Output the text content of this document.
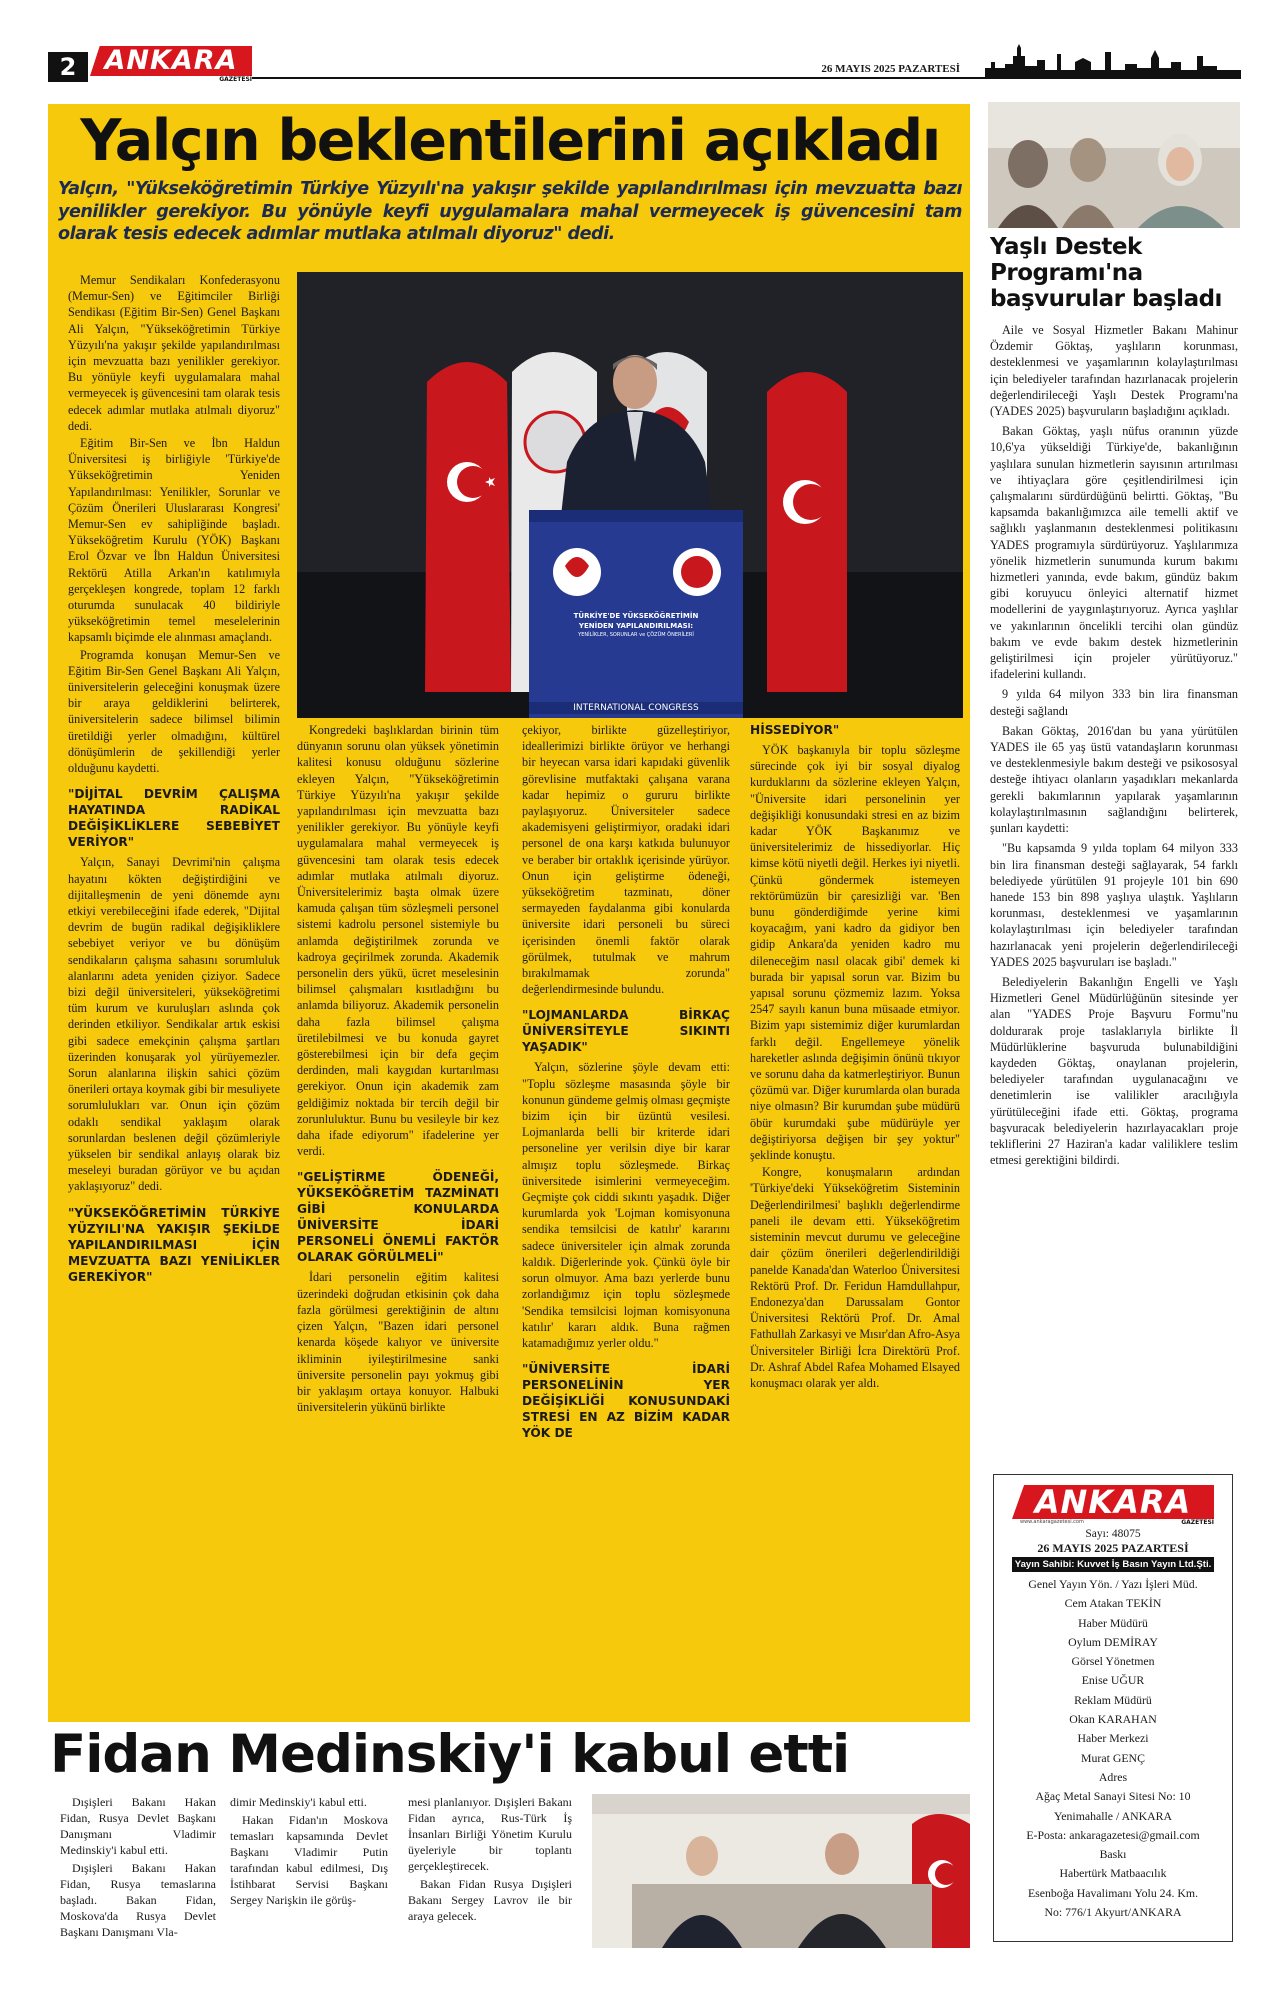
2	ANKARA
GAZETESİ
26 MAYIS 2025 PAZARTESİ
Yalçın beklentilerini açıkladı
Yalçın, "Yükseköğretimin Türkiye Yüzyılı'na yakışır şekilde yapılandırılması için mevzuatta bazı yenilikler gerekiyor. Bu yönüyle keyfi uygulamalara mahal vermeyecek iş güvencesini tam olarak tesis edecek adımlar mutlaka atılmalı diyoruz" dedi.
TÜRKİYE'DE YÜKSEKÖĞRETİMİN
YENİDEN YAPILANDIRILMASI:
YENİLİKLER, SORUNLAR ve ÇÖZÜM ÖNERİLERİ
INTERNATIONAL CONGRESS

Memur Sendikaları Konfederasyonu (Memur-Sen) ve Eğitimciler Birliği Sendikası (Eğitim Bir-Sen) Genel Başkanı Ali Yalçın, "Yükseköğretimin Türkiye Yüzyılı'na yakışır şekilde yapılandırılması için mevzuatta bazı yenilikler gerekiyor. Bu yönüyle keyfi uygulamalara mahal vermeyecek iş güvencesini tam olarak tesis edecek adımlar mutlaka atılmalı diyoruz" dedi.

Eğitim Bir-Sen ve İbn Haldun Üniversitesi iş birliğiyle 'Türkiye'de Yükseköğretimin Yeniden Yapılandırılması: Yenilikler, Sorunlar ve Çözüm Önerileri Uluslararası Kongresi' Memur-Sen ev sahipliğinde başladı. Yükseköğretim Kurulu (YÖK) Başkanı Erol Özvar ve İbn Haldun Üniversitesi Rektörü Atilla Arkan'ın katılımıyla gerçekleşen kongrede, toplam 12 farklı oturumda sunulacak 40 bildiriyle yükseköğretimin temel meselelerinin kapsamlı biçimde ele alınması amaçlandı.

Programda konuşan Memur-Sen ve Eğitim Bir-Sen Genel Başkanı Ali Yalçın, üniversitelerin geleceğini konuşmak üzere bir araya geldiklerini belirterek, üniversitelerin sadece bilimsel bilimin üretildiği yerler olmadığını, kültürel dönüşümlerin de şekillendiği yerler olduğunu kaydetti.

"DİJİTAL DEVRİM ÇALIŞMA HAYATINDA RADİKAL DEĞİŞİKLİKLERE SEBEBİYET VERİYOR"

Yalçın, Sanayi Devrimi'nin çalışma hayatını kökten değiştirdiğini ve dijitalleşmenin de yeni dönemde aynı etkiyi verebileceğini ifade ederek, "Dijital devrim de bugün radikal değişikliklere sebebiyet veriyor ve bu dönüşüm sendikaların çalışma sahasını sorumluluk alanlarını adeta yeniden çiziyor. Sadece bizi değil üniversiteleri, yükseköğretimi tüm kurum ve kuruluşları aslında çok derinden etkiliyor. Sendikalar artık eskisi gibi sadece emekçinin çalışma şartları üzerinden konuşarak yol yürüyemezler. Sorun alanlarına ilişkin sahici çözüm önerileri ortaya koymak gibi bir mesuliyete sorumlulukları var. Onun için çözüm odaklı sendikal yaklaşım olarak sorunlardan beslenen değil çözümleriyle yükselen bir sendikal anlayış olarak biz meseleyi buradan görüyor ve bu açıdan yaklaşıyoruz" dedi.

"YÜKSEKÖĞRETİMİN TÜRKİYE YÜZYILI'NA YAKIŞIR ŞEKİLDE YAPILANDIRILMASI İÇİN MEVZUATTA BAZI YENİLİKLER GEREKİYOR"

Kongredeki başlıklardan birinin tüm dünyanın sorunu olan yüksek yönetimin kalitesi konusu olduğunu sözlerine ekleyen Yalçın, "Yükseköğretimin Türkiye Yüzyılı'na yakışır şekilde yapılandırılması için mevzuatta bazı yenilikler gerekiyor. Bu yönüyle keyfi uygulamalara mahal vermeyecek iş güvencesini tam olarak tesis edecek adımlar mutlaka atılmalı diyoruz. Üniversitelerimiz başta olmak üzere kamuda çalışan tüm sözleşmeli personel sistemi kadrolu personel sistemiyle bu anlamda değiştirilmek zorunda ve kadroya geçirilmek zorunda. Akademik personelin ders yükü, ücret meselesinin bilimsel çalışmaları kısıtladığını bu anlamda biliyoruz. Akademik personelin daha fazla bilimsel çalışma üretilebilmesi ve bu konuda gayret gösterebilmesi için bir defa geçim derdinden, mali kaygıdan kurtarılması gerekiyor. Onun için akademik zam geldiğimiz noktada bir tercih değil bir zorunluluktur. Bunu bu vesileyle bir kez daha ifade ediyorum" ifadelerine yer verdi.

"GELİŞTİRME ÖDENEĞİ, YÜKSEKÖĞRETİM TAZMİNATI GİBİ KONULARDA ÜNİVERSİTE İDARİ PERSONELİ ÖNEMLİ FAKTÖR OLARAK GÖRÜLMELİ"

İdari personelin eğitim kalitesi üzerindeki doğrudan etkisinin çok daha fazla görülmesi gerektiğinin de altını çizen Yalçın, "Bazen idari personel kenarda köşede kalıyor ve üniversite ikliminin iyileştirilmesine sanki üniversite personelin payı yokmuş gibi bir yaklaşım ortaya konuyor. Halbuki üniversitelerin yükünü birlikte

çekiyor, birlikte güzelleştiriyor, ideallerimizi birlikte örüyor ve herhangi bir heyecan varsa idari kapıdaki güvenlik görevlisine mutfaktaki çalışana varana kadar hepimiz o gururu birlikte paylaşıyoruz. Üniversiteler sadece akademisyeni geliştirmiyor, oradaki idari personel de ona karşı katkıda bulunuyor ve beraber bir ortaklık içerisinde yürüyor. Onun için geliştirme ödeneği, yükseköğretim tazminatı, döner sermayeden faydalanma gibi konularda üniversite idari personeli bu süreci içerisinden önemli faktör olarak görülmek, tutulmak ve mahrum bırakılmamak zorunda" değerlendirmesinde bulundu.

"LOJMANLARDA BİRKAÇ ÜNİVERSİTEYLE SIKINTI YAŞADIK"

Yalçın, sözlerine şöyle devam etti: "Toplu sözleşme masasında şöyle bir konunun gündeme gelmiş olması geçmişte bizim için bir üzüntü vesilesi. Lojmanlarda belli bir kriterde idari personeline yer verilsin diye bir karar almışız toplu sözleşmede. Birkaç üniversitede isimlerini vermeyeceğim. Geçmişte çok ciddi sıkıntı yaşadık. Diğer kurumlarda yok 'Lojman komisyonuna sendika temsilcisi de katılır' kararını sadece üniversiteler için almak zorunda kaldık. Diğerlerinde yok. Çünkü öyle bir sorun olmuyor. Ama bazı yerlerde bunu zorlandığımız için toplu sözleşmede 'Sendika temsilcisi lojman komisyonuna katılır' kararı aldık. Buna rağmen katamadığımız yerler oldu."

"ÜNİVERSİTE İDARİ PERSONELİNİN YER DEĞİŞİKLİĞİ KONUSUNDAKİ STRESİ EN AZ BİZİM KADAR YÖK DE
HİSSEDİYOR"

YÖK başkanıyla bir toplu sözleşme sürecinde çok iyi bir sosyal diyalog kurduklarını da sözlerine ekleyen Yalçın, "Üniversite idari personelinin yer değişikliği konusundaki stresi en az bizim kadar YÖK Başkanımız ve üniversitelerimiz de hissediyorlar. Hiç kimse kötü niyetli değil. Herkes iyi niyetli. Çünkü göndermek istemeyen rektörümüzün bir çaresizliği var. 'Ben bunu gönderdiğimde yerine kimi koyacağım, yani kadro da gidiyor ben gidip Ankara'da yeniden kadro mu dileneceğim nasıl olacak gibi' demek ki burada bir yapısal sorun var. Bizim bu yapısal sorunu çözmemiz lazım. Yoksa 2547 sayılı kanun buna müsaade etmiyor. Bizim yapı sistemimiz diğer kurumlardan farklı değil. Engellemeye yönelik hareketler aslında değişimin önünü tıkıyor ve sorunu daha da katmerleştiriyor. Bunun çözümü var. Diğer kurumlarda olan burada niye olmasın? Bir kurumdan şube müdürü öbür kurumdaki şube müdürüyle yer değiştiriyorsa değişen bir şey yoktur" şeklinde konuştu.

Kongre, konuşmaların ardından 'Türkiye'deki Yükseköğretim Sisteminin Değerlendirilmesi' başlıklı değerlendirme paneli ile devam etti. Yükseköğretim sisteminin mevcut durumu ve geleceğine dair çözüm önerileri değerlendirildiği panelde Kanada'dan Waterloo Üniversitesi Rektörü Prof. Dr. Feridun Hamdullahpur, Endonezya'dan Darussalam Gontor Üniversitesi Rektörü Prof. Dr. Amal Fathullah Zarkasyi ve Mısır'dan Afro-Asya Üniversiteler Birliği İcra Direktörü Prof. Dr. Ashraf Abdel Rafea Mohamed Elsayed konuşmacı olarak yer aldı.

Yaşlı Destek Programı'na başvurular başladı

Aile ve Sosyal Hizmetler Bakanı Mahinur Özdemir Göktaş, yaşlıların korunması, desteklenmesi ve yaşamlarının kolaylaştırılması için belediyeler tarafından hazırlanacak projelerin değerlendirileceği Yaşlı Destek Programı'na (YADES 2025) başvuruların başladığını açıkladı.

Bakan Göktaş, yaşlı nüfus oranının yüzde 10,6'ya yükseldiği Türkiye'de, bakanlığının yaşlılara sunulan hizmetlerin sayısının artırılması ve ihtiyaçlara göre çeşitlendirilmesi için çalışmalarını sürdürdüğünü belirtti. Göktaş, "Bu kapsamda bakanlığımızca aile temelli aktif ve sağlıklı yaşlanmanın desteklenmesi politikasını YADES programıyla sürdürüyoruz. Yaşlılarımıza yönelik hizmetlerin sunumunda kurum bakımı hizmetleri yanında, evde bakım, gündüz bakım gibi koruyucu önleyici alternatif hizmet modellerini de yaygınlaştırıyoruz. Ayrıca yaşlılar ve yakınlarının öncelikli tercihi olan gündüz bakım ve evde bakım destek hizmetlerinin geliştirilmesi için projeler yürütüyoruz." ifadelerini kullandı.

9 yılda 64 milyon 333 bin lira finansman desteği sağlandı

Bakan Göktaş, 2016'dan bu yana yürütülen YADES ile 65 yaş üstü vatandaşların korunması ve desteklenmesiyle bakım desteği ve psikososyal desteğe ihtiyacı olanların yaşadıkları mekanlarda gerekli bakımlarının yapılarak yaşamlarının kolaylaştırılmasının sağlandığını belirterek, şunları kaydetti:

"Bu kapsamda 9 yılda toplam 64 milyon 333 bin lira finansman desteği sağlayarak, 54 farklı belediyede yürütülen 91 projeyle 101 bin 690 hanede 153 bin 898 yaşlıya ulaştık. Yaşlıların korunması, desteklenmesi ve yaşamlarının kolaylaştırılması için belediyeler tarafından hazırlanacak yeni projelerin değerlendirileceği YADES 2025 başvuruları ise başladı."

Belediyelerin Bakanlığın Engelli ve Yaşlı Hizmetleri Genel Müdürlüğünün sitesinde yer alan "YADES Proje Başvuru Formu"nu doldurarak proje taslaklarıyla birlikte İl Müdürlüklerine başvuruda bulunabildiğini kaydeden Göktaş, onaylanan projelerin, belediyeler tarafından uygulanacağını ve denetimlerin ise valilikler aracılığıyla yürütüleceğini ifade etti. Göktaş, programa başvuracak belediyelerin hazırlayacakları proje tekliflerini 27 Haziran'a kadar valiliklere teslim etmesi gerektiğini bildirdi.

ANKARA
www.ankaragazetesi.com	GAZETESİ
Sayı: 48075
26 MAYIS 2025 PAZARTESİ
Yayın Sahibi: Kuvvet İş Basın Yayın Ltd.Şti.
Genel Yayın Yön. / Yazı İşleri Müd.
Cem Atakan TEKİN
Haber Müdürü
Oylum DEMİRAY
Görsel Yönetmen
Enise UĞUR
Reklam Müdürü
Okan KARAHAN
Haber Merkezi
Murat GENÇ
Adres
Ağaç Metal Sanayi Sitesi No: 10
Yenimahalle / ANKARA
E-Posta: ankaragazetesi@gmail.com
Baskı
Habertürk Matbaacılık
Esenboğa Havalimanı Yolu 24. Km.
No: 776/1 Akyurt/ANKARA
Fidan Medinskiy'i kabul etti

Dışişleri Bakanı Hakan Fidan, Rusya Devlet Başkanı Danışmanı Vladimir Medinskiy'i kabul etti.

Dışişleri Bakanı Hakan Fidan, Rusya temaslarına başladı. Bakan Fidan, Moskova'da Rusya Devlet Başkanı Danışmanı Vla-

dimir Medinskiy'i kabul etti.

Hakan Fidan'ın Moskova temasları kapsamında Devlet Başkanı Vladimir Putin tarafından kabul edilmesi, Dış İstihbarat Servisi Başkanı Sergey Narişkin ile görüş-

mesi planlanıyor. Dışişleri Bakanı Fidan ayrıca, Rus-Türk İş İnsanları Birliği Yönetim Kurulu üyeleriyle bir toplantı gerçekleştirecek.

Bakan Fidan Rusya Dışişleri Bakanı Sergey Lavrov ile bir araya gelecek.
